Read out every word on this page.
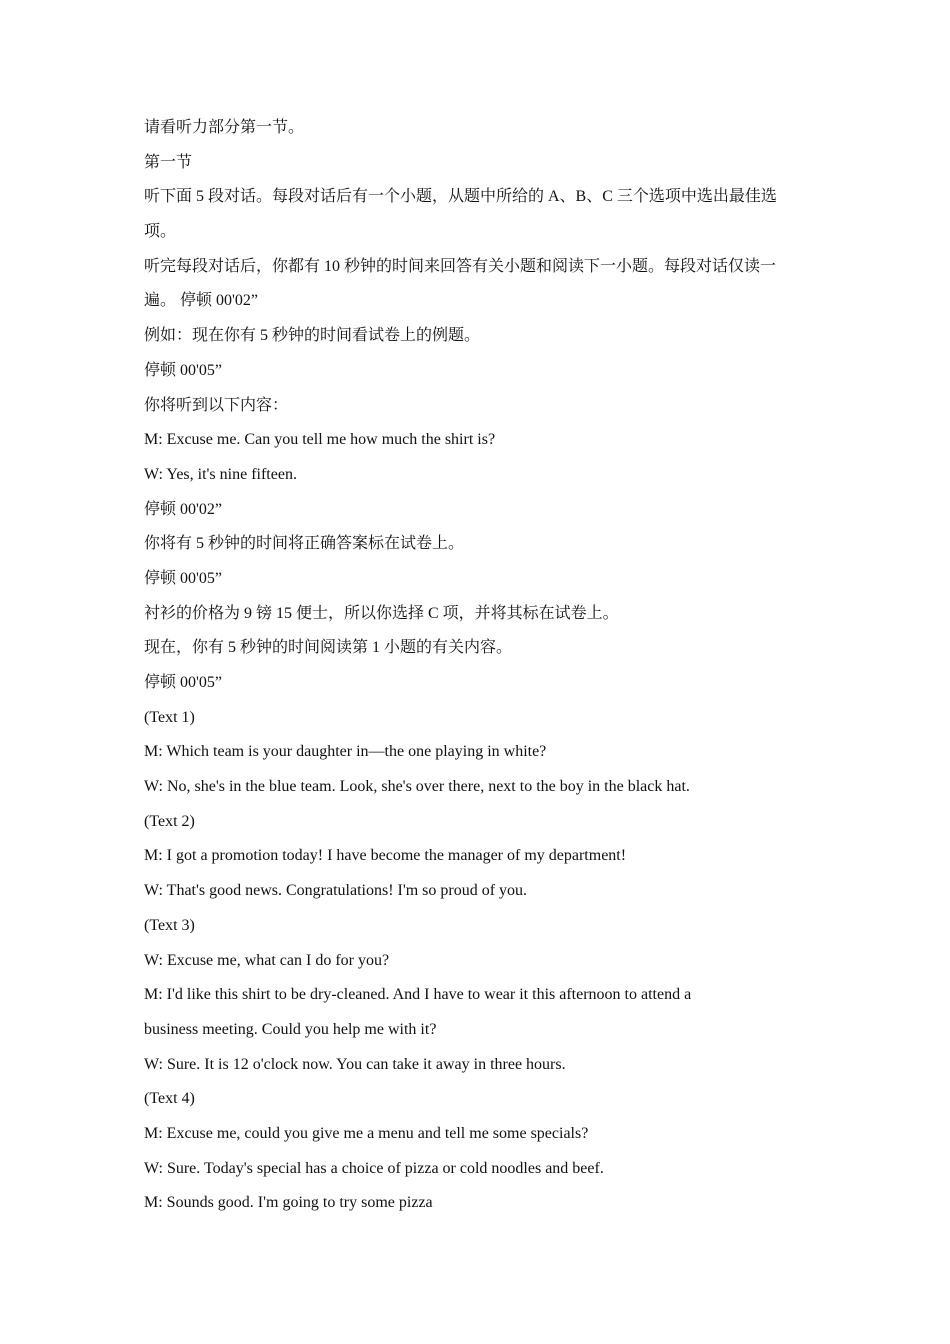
请看听力部分第一节。
第一节
听下面 5 段对话。每段对话后有一个小题，从题中所给的 A、B、C 三个选项中选出最佳选
项。
听完每段对话后，你都有 10 秒钟的时间来回答有关小题和阅读下一小题。每段对话仅读一
遍。 停顿 00'02”
例如：现在你有 5 秒钟的时间看试卷上的例题。
停顿 00'05”
你将听到以下内容：
M: Excuse me. Can you tell me how much the shirt is?
W: Yes, it's nine fifteen.
停顿 00'02”
你将有 5 秒钟的时间将正确答案标在试卷上。
停顿 00'05”
衬衫的价格为 9 镑 15 便士，所以你选择 C 项，并将其标在试卷上。
现在，你有 5 秒钟的时间阅读第 1 小题的有关内容。
停顿 00'05”
(Text 1)
M: Which team is your daughter in—the one playing in white?
W: No, she's in the blue team. Look, she's over there, next to the boy in the black hat.
(Text 2)
M: I got a promotion today! I have become the manager of my department!
W: That's good news. Congratulations! I'm so proud of you.
(Text 3)
W: Excuse me, what can I do for you?
M: I'd like this shirt to be dry-cleaned. And I have to wear it this afternoon to attend a
business meeting. Could you help me with it?
W: Sure. It is 12 o'clock now. You can take it away in three hours.
(Text 4)
M: Excuse me, could you give me a menu and tell me some specials?
W: Sure. Today's special has a choice of pizza or cold noodles and beef.
M: Sounds good. I'm going to try some pizza
